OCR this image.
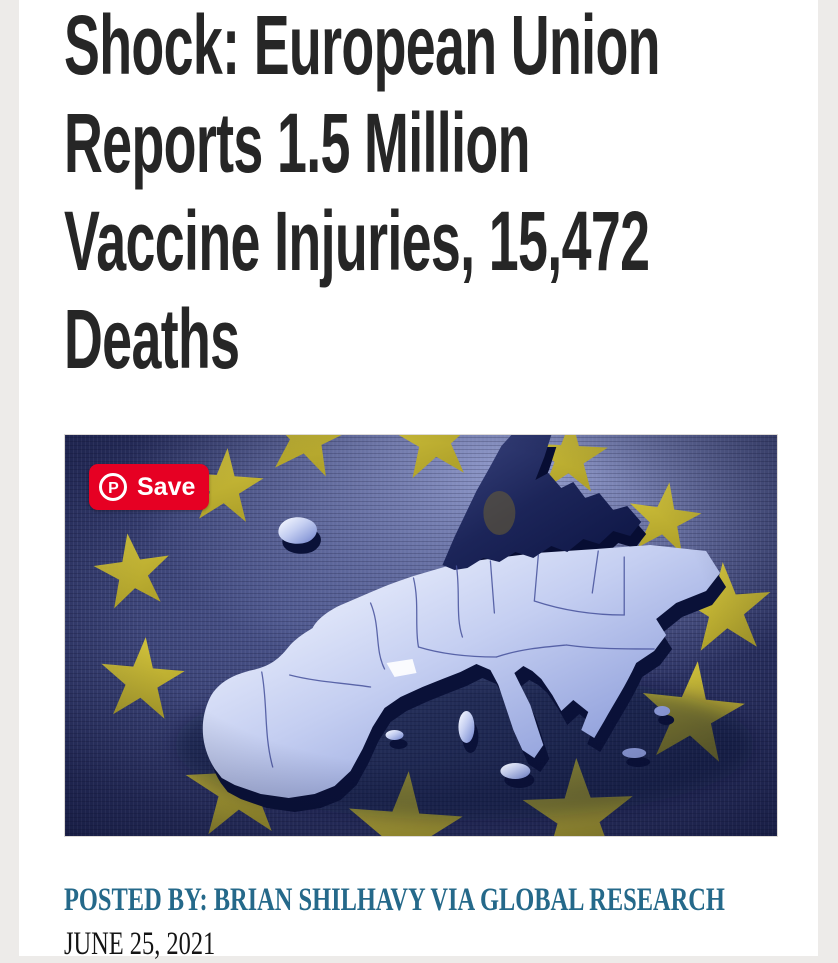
Shock: European Union
Reports 1.5 Million
Vaccine Injuries, 15,472
Deaths
P Save

POSTED BY: BRIAN SHILHAVY VIA GLOBAL RESEARCH

JUNE 25, 2021
